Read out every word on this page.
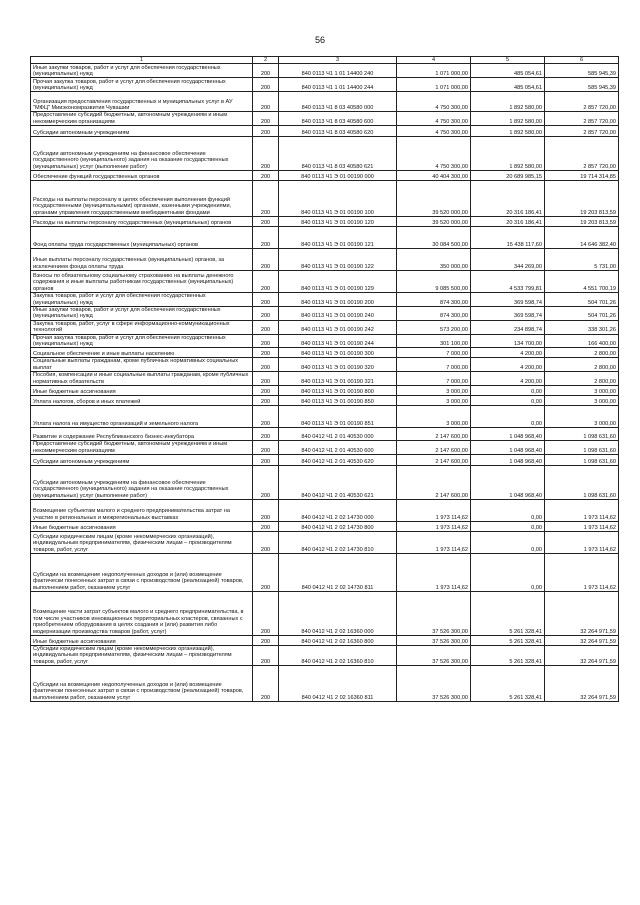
56
1	2	3	4	5	6
Иные закупки товаров, работ и услуг для обеспечения государственных (муниципальных) нужд	200	840 0113 Ч1 1 01 14400 240	1 071 000,00	485 054,61	585 945,39
Прочая закупка товаров, работ и услуг для обеспечения государственных (муниципальных) нужд	200	840 0113 Ч1 1 01 14400 244	1 071 000,00	485 054,61	585 945,39
Организация предоставления государственных и муниципальных услуг в АУ "МФЦ" Мииэкономразвития Чувашии	200	840 0113 Ч1 8 03 40580 000	4 750 300,00	1 892 580,00	2 857 720,00
Предоставление субсидий бюджетным, автономным учреждениям и иным некоммерческим организациям	200	840 0113 Ч1 8 03 40580 600	4 750 300,00	1 892 580,00	2 857 720,00
Субсидии автономным учреждениям	200	840 0113 Ч1 8 03 40580 620	4 750 300,00	1 892 580,00	2 857 720,00
Субсидии автономным учреждениям на финансовое обеспечение государственного (муниципального) задания на оказание государственных (муниципальных) услуг (выполнение работ)	200	840 0113 Ч1 8 03 40580 621	4 750 300,00	1 892 580,00	2 857 720,00
Обеспечение функций государственных органов	200	840 0113 Ч1 Э 01 00190 000	40 404 300,00	20 689 985,15	19 714 314,85
Расходы на выплаты персоналу в целях обеспечения выполнения функций государственными (муниципальными) органами, казенными учреждениями, органами управления государственными внебюджетными фондами	200	840 0113 Ч1 Э 01 00190 100	39 520 000,00	20 316 186,41	19 203 813,59
Расходы на выплаты персоналу государственных (муниципальных) органов	200	840 0113 Ч1 Э 01 00190 120	39 520 000,00	20 316 186,41	19 203 813,59
Фонд оплаты труда государственных (муниципальных) органов	200	840 0113 Ч1 Э 01 00190 121	30 084 500,00	15 438 117,60	14 646 382,40
Иные выплаты персоналу государственных (муниципальных) органов, за исключением фонда оплаты труда	200	840 0113 Ч1 Э 01 00190 122	350 000,00	344 269,00	5 731,00
Взносы по обязательному социальному страхованию на выплаты денежного содержания и иные выплаты работникам государственных (муниципальных) органов	200	840 0113 Ч1 Э 01 00190 129	9 085 500,00	4 533 799,81	4 551 700,19
Закупка товаров, работ и услуг для обеспечения государственных (муниципальных) нужд	200	840 0113 Ч1 Э 01 00190 200	874 300,00	369 598,74	504 701,26
Иные закупки товаров, работ и услуг для обеспечения государственных (муниципальных) нужд	200	840 0113 Ч1 Э 01 00190 240	874 300,00	369 598,74	504 701,26
Закупка товаров, работ, услуг в сфере информационно-коммуникационных технологий	200	840 0113 Ч1 Э 01 00190 242	573 200,00	234 898,74	338 301,26
Прочая закупка товаров, работ и услуг для обеспечения государственных (муниципальных) нужд	200	840 0113 Ч1 Э 01 00190 244	301 100,00	134 700,00	166 400,00
Социальное обеспечение и иные выплаты населению	200	840 0113 Ч1 Э 01 00190 300	7 000,00	4 200,00	2 800,00
Социальные выплаты гражданам, кроме публичных нормативных социальных выплат	200	840 0113 Ч1 Э 01 00190 320	7 000,00	4 200,00	2 800,00
Пособия, компенсации и иные социальные выплаты гражданам, кроме публичных нормативных обязательств	200	840 0113 Ч1 Э 01 00190 321	7 000,00	4 200,00	2 800,00
Иные бюджетные ассигнования	200	840 0113 Ч1 Э 01 00190 800	3 000,00	0,00	3 000,00
Уплата налогов, сборов и иных платежей	200	840 0113 Ч1 Э 01 00190 850	3 000,00	0,00	3 000,00
Уплата налога на имущество организаций и земельного налога	200	840 0113 Ч1 Э 01 00190 851	3 000,00	0,00	3 000,00
Развитие и содержание Республиканского бизнес-инкубатора	200	840 0412 Ч1 2 01 40530 000	2 147 600,00	1 048 968,40	1 098 631,60
Предоставление субсидий бюджетным, автономным учреждениям и иным некоммерческим организациям	200	840 0412 Ч1 2 01 40530 600	2 147 600,00	1 048 968,40	1 098 631,60
Субсидии автономным учреждениям	200	840 0412 Ч1 2 01 40530 620	2 147 600,00	1 048 968,40	1 098 631,60
Субсидии автономным учреждениям на финансовое обеспечение государственного (муниципального) задания на оказание государственных (муниципальных) услуг (выполнение работ)	200	840 0412 Ч1 2 01 40530 621	2 147 600,00	1 048 968,40	1 098 631,60
Возмещение субъектам малого и среднего предпринимательства затрат на участие в региональных и межрегиональных выставках	200	840 0412 Ч1 2 02 14730 000	1 973 114,62	0,00	1 973 114,62
Иные бюджетные ассигнования	200	840 0412 Ч1 2 02 14730 800	1 973 114,62	0,00	1 973 114,62
Субсидии юридическим лицам (кроме некоммерческих организаций), индивидуальным предпринимателям, физическим лицам – производителям товаров, работ, услуг	200	840 0412 Ч1 2 02 14730 810	1 973 114,62	0,00	1 973 114,62
Субсидии на возмещение недополученных доходов и (или) возмещение фактически понесенных затрат в связи с производством (реализацией) товаров, выполнением работ, оказанием услуг	200	840 0412 Ч1 2 02 14730 811	1 973 114,62	0,00	1 973 114,62
Возмещение части затрат субъектов малого и среднего предпринимательства, в том числе участников инновационных территориальных кластеров, связанных с приобретением оборудования в целях создания и (или) развития либо модернизации производства товаров (работ, услуг)	200	840 0412 Ч1 2 02 16360 000	37 526 300,00	5 261 328,41	32 264 971,59
Иные бюджетные ассигнования	200	840 0412 Ч1 2 02 16360 800	37 526 300,00	5 261 328,41	32 264 971,59
Субсидии юридическим лицам (кроме некоммерческих организаций), индивидуальным предпринимателям, физическим лицам – производителям товаров, работ, услуг	200	840 0412 Ч1 2 02 16360 810	37 526 300,00	5 261 328,41	32 264 971,59
Субсидии на возмещение недополученных доходов и (или) возмещение фактически понесенных затрат в связи с производством (реализацией) товаров, выполнением работ, оказанием услуг	200	840 0412 Ч1 2 02 16360 811	37 526 300,00	5 261 328,41	32 264 971,59
